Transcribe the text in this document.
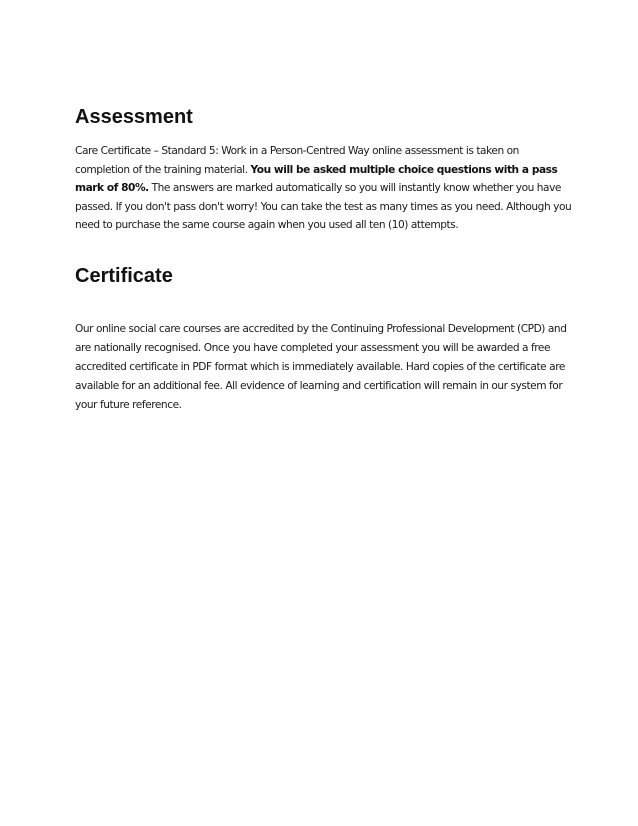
Assessment

Care Certificate – Standard 5: Work in a Person-Centred Way online assessment is taken on completion of the training material. You will be asked multiple choice questions with a pass mark of 80%. The answers are marked automatically so you will instantly know whether you have passed. If you don't pass don't worry! You can take the test as many times as you need. Although you need to purchase the same course again when you used all ten (10) attempts.

Certificate

Our online social care courses are accredited by the Continuing Professional Development (CPD) and are nationally recognised. Once you have completed your assessment you will be awarded a free accredited certificate in PDF format which is immediately available. Hard copies of the certificate are available for an additional fee. All evidence of learning and certification will remain in our system for your future reference.
